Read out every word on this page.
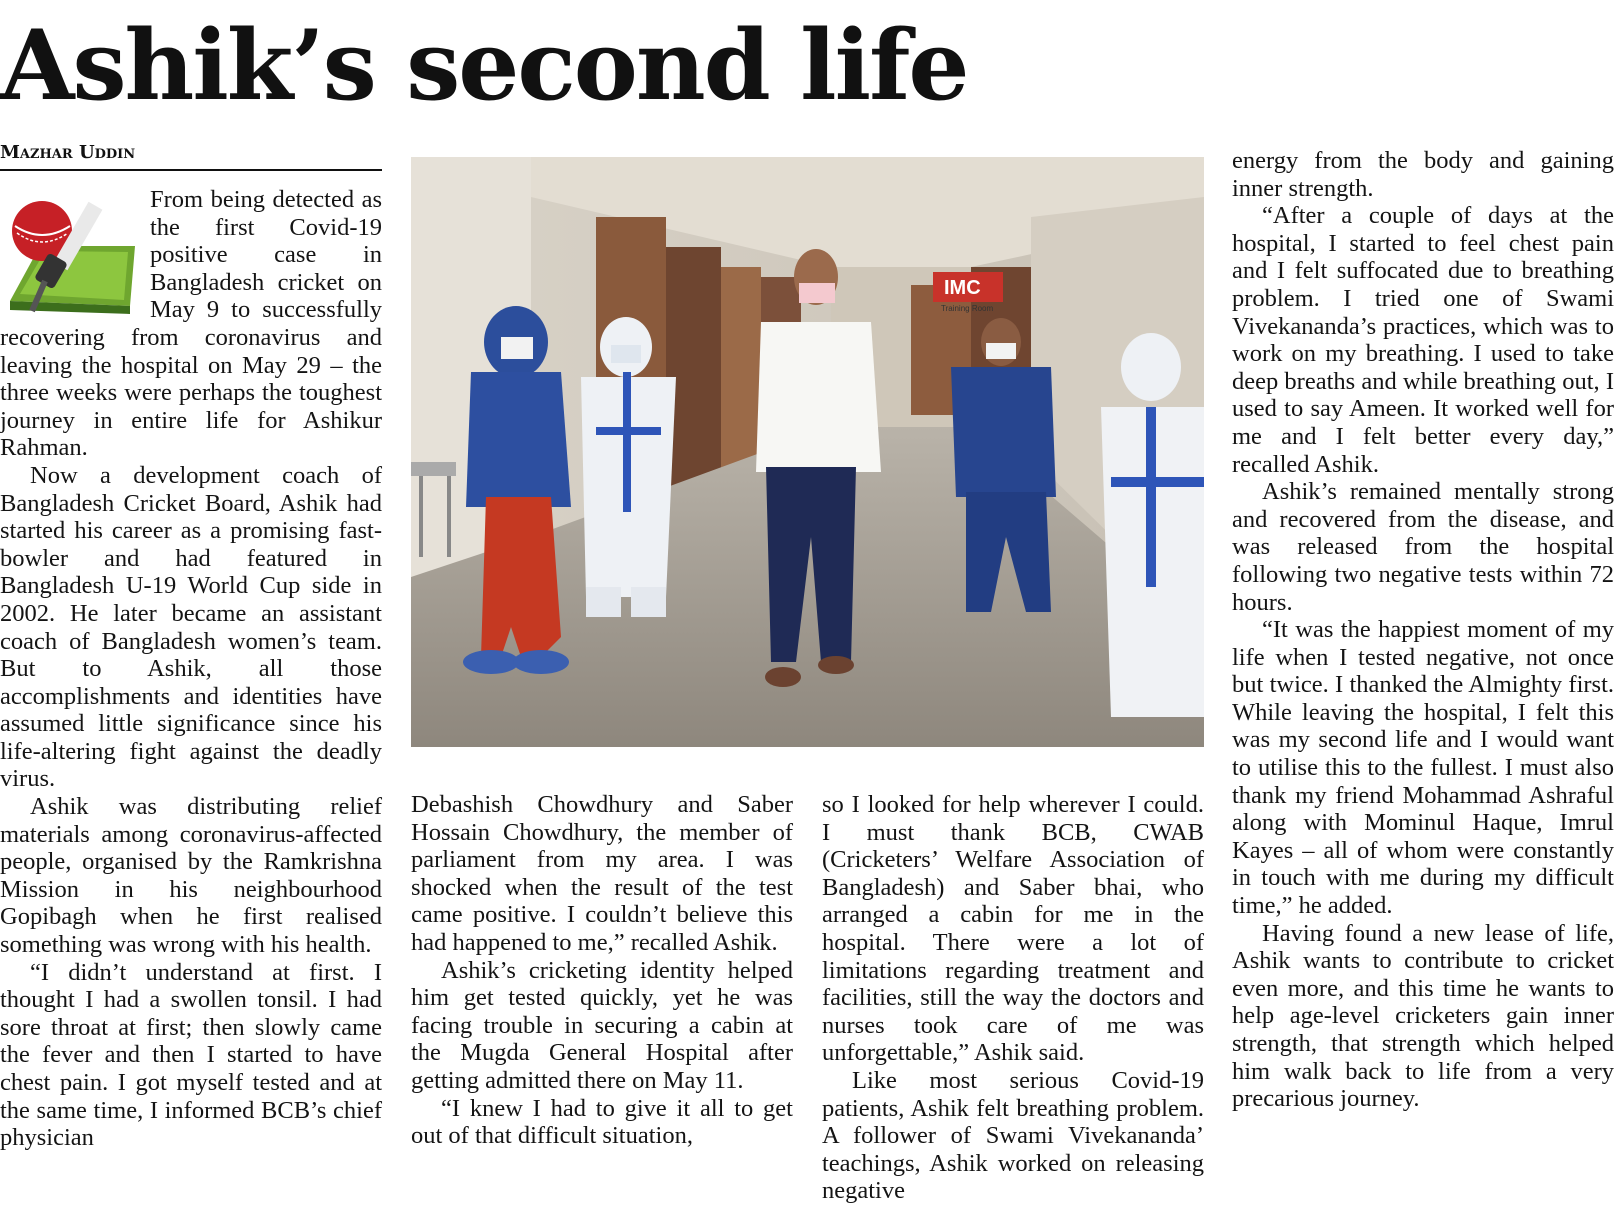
Ashik’s second life
Mazhar Uddin
IMC
Training Room

From being detected as the first Covid-19 positive case in Bangladesh cricket on May 9 to successfully recovering from coronavirus and leaving the hospital on May 29 – the three weeks were perhaps the toughest journey in entire life for Ashikur Rahman.

Now a development coach of Bangladesh Cricket Board, Ashik had started his career as a promising fast-bowler and had featured in Bangladesh U-19 World Cup side in 2002. He later became an assistant coach of Bangladesh women’s team. But to Ashik, all those accomplishments and identities have assumed little significance since his life-altering fight against the deadly virus.

Ashik was distributing relief materials among coronavirus-affected people, organised by the Ramkrishna Mission in his neighbourhood Gopibagh when he first realised something was wrong with his health.

“I didn’t understand at first. I thought I had a swollen tonsil. I had sore throat at first; then slowly came the fever and then I started to have chest pain. I got myself tested and at the same time, I informed BCB’s chief physician

Debashish Chowdhury and Saber Hossain Chowdhury, the member of parliament from my area. I was shocked when the result of the test came positive. I couldn’t believe this had happened to me,” recalled Ashik.

Ashik’s cricketing identity helped him get tested quickly, yet he was facing trouble in securing a cabin at the Mugda General Hospital after getting admitted there on May 11.

“I knew I had to give it all to get out of that difficult situation,

so I looked for help wherever I could. I must thank BCB, CWAB (Cricketers’ Welfare Association of Bangladesh) and Saber bhai, who arranged a cabin for me in the hospital. There were a lot of limitations regarding treatment and facilities, still the way the doctors and nurses took care of me was unforgettable,” Ashik said.

Like most serious Covid-19 patients, Ashik felt breathing problem. A follower of Swami Vivekananda’ teachings, Ashik worked on releasing negative

energy from the body and gaining inner strength.

“After a couple of days at the hospital, I started to feel chest pain and I felt suffocated due to breathing problem. I tried one of Swami Vivekananda’s practices, which was to work on my breathing. I used to take deep breaths and while breathing out, I used to say Ameen. It worked well for me and I felt better every day,” recalled Ashik.

Ashik’s remained mentally strong and recovered from the disease, and was released from the hospital following two negative tests within 72 hours.

“It was the happiest moment of my life when I tested negative, not once but twice. I thanked the Almighty first. While leaving the hospital, I felt this was my second life and I would want to utilise this to the fullest. I must also thank my friend Mohammad Ashraful along with Mominul Haque, Imrul Kayes – all of whom were constantly in touch with me during my difficult time,” he added.

Having found a new lease of life, Ashik wants to contribute to cricket even more, and this time he wants to help age-level cricketers gain inner strength, that strength which helped him walk back to life from a very precarious journey.
